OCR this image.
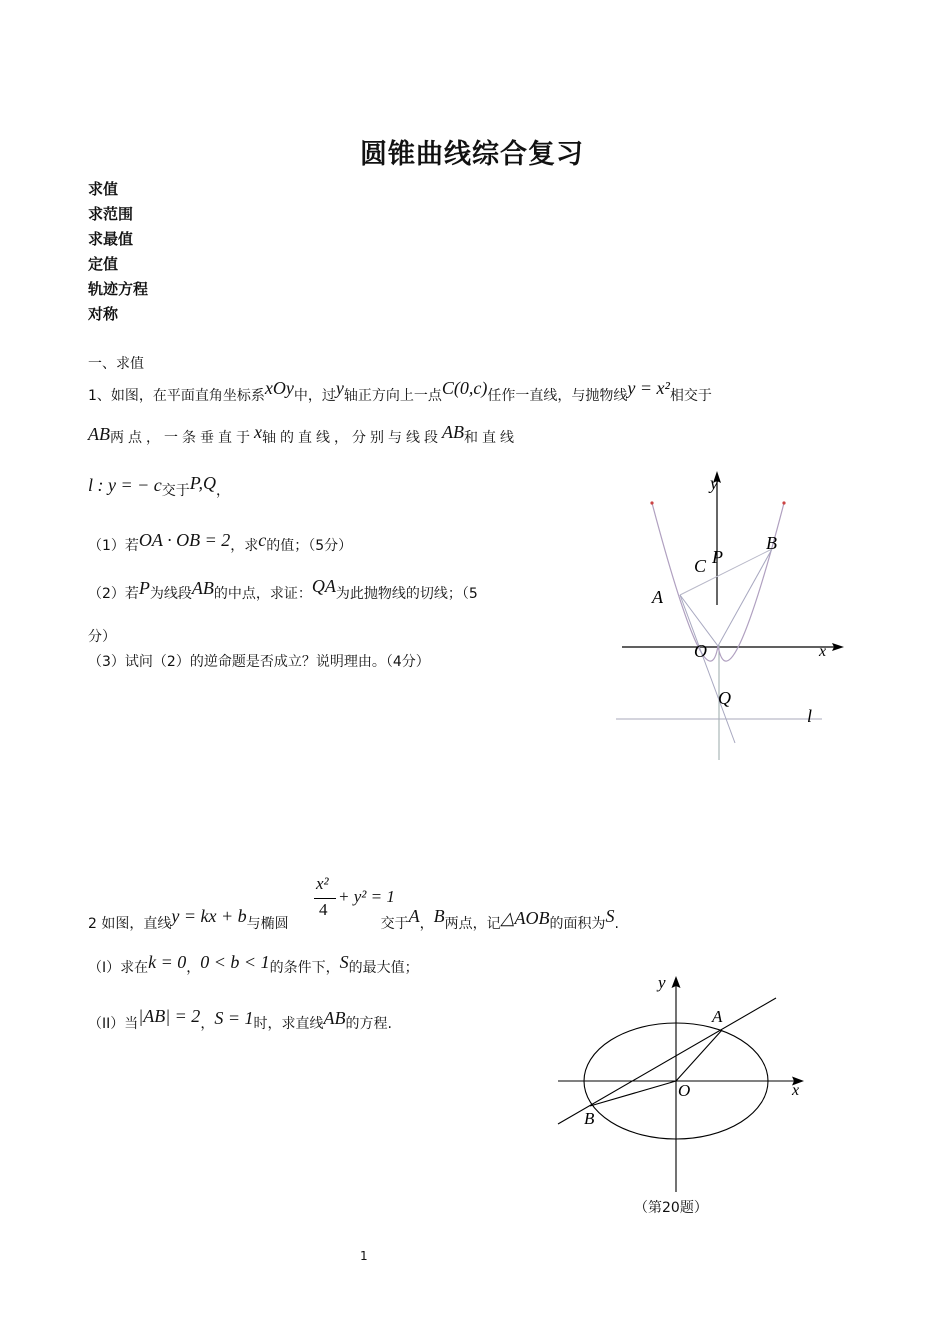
圆锥曲线综合复习
求值
求范围
求最值
定值
轨迹方程
对称
一、求值
1、如图，在平面直角坐标系xOy中，过y轴正方向上一点C(0,c)任作一直线，与抛物线y = x²相交于
AB两点，一条垂直于x轴的直线，分别与线段AB和直线
l : y = − c交于P,Q，
（1）若OA · OB = 2，求c的值；（5分）
（2）若P为线段AB的中点，求证：QA为此抛物线的切线；（5
分）
（3）试问（2）的逆命题是否成立？说明理由。（4分）
y
B
C P
A
O	x
Q
l
2 如图，直线y = kx + b与椭圆	交于A，B两点，记△AOB的面积为S.
x²
4
+ y² = 1
（I）求在k = 0，0 < b < 1的条件下，S的最大值；
（II）当|AB| = 2，S = 1时，求直线AB的方程.
y
A
O	x
B
（第20题）
1
